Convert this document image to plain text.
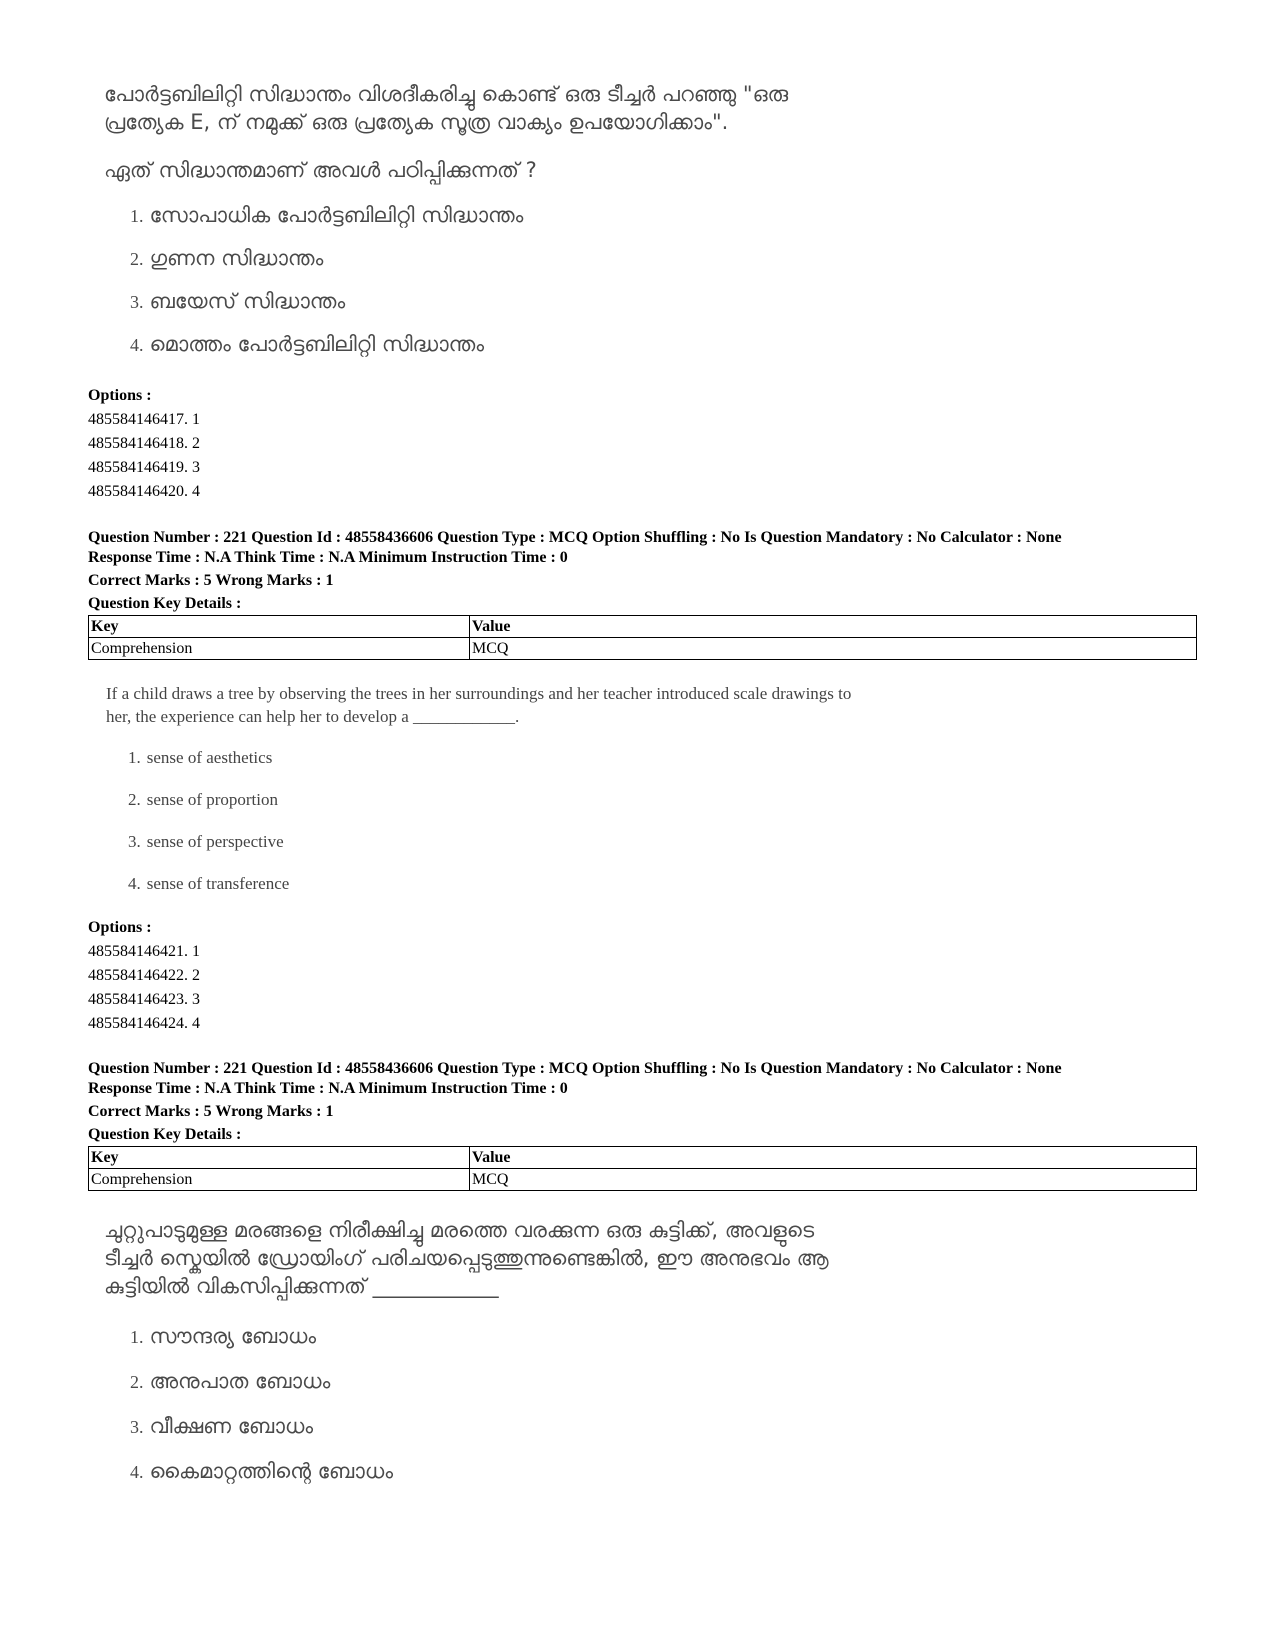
പോർട്ടബിലിറ്റി സിദ്ധാന്തം വിശദീകരിച്ചു കൊണ്ട് ഒരു ടീച്ചർ പറഞ്ഞു "ഒരു
പ്രത്യേക E, ന് നമുക്ക് ഒരു പ്രത്യേക സൂത്ര വാക്യം ഉപയോഗിക്കാം".
ഏത് സിദ്ധാന്തമാണ് അവൾ പഠിപ്പിക്കുന്നത് ?
1. സോപാധിക പോർട്ടബിലിറ്റി സിദ്ധാന്തം
2. ഗുണന സിദ്ധാന്തം
3. ബയേസ് സിദ്ധാന്തം
4. മൊത്തം പോർട്ടബിലിറ്റി സിദ്ധാന്തം
Options :
485584146417. 1
485584146418. 2
485584146419. 3
485584146420. 4
Question Number : 221 Question Id : 48558436606 Question Type : MCQ Option Shuffling : No Is Question Mandatory : No Calculator : None
Response Time : N.A Think Time : N.A Minimum Instruction Time : 0
Correct Marks : 5 Wrong Marks : 1
Question Key Details :
Key	Value
Comprehension	MCQ
If a child draws a tree by observing the trees in her surroundings and her teacher introduced scale drawings to
her, the experience can help her to develop a ____________.
1. sense of aesthetics
2. sense of proportion
3. sense of perspective
4. sense of transference
Options :
485584146421. 1
485584146422. 2
485584146423. 3
485584146424. 4
Question Number : 221 Question Id : 48558436606 Question Type : MCQ Option Shuffling : No Is Question Mandatory : No Calculator : None
Response Time : N.A Think Time : N.A Minimum Instruction Time : 0
Correct Marks : 5 Wrong Marks : 1
Question Key Details :
Key	Value
Comprehension	MCQ
ചുറ്റുപാടുമുള്ള മരങ്ങളെ നിരീക്ഷിച്ചു മരത്തെ വരക്കുന്ന ഒരു കുട്ടിക്ക്, അവളുടെ
ടീച്ചർ സ്കെയിൽ ഡ്രോയിംഗ് പരിചയപ്പെടുത്തുന്നുണ്ടെങ്കിൽ, ഈ അനുഭവം ആ
കുട്ടിയിൽ വികസിപ്പിക്കുന്നത് ____________
1. സൗന്ദര്യ ബോധം
2. അനുപാത ബോധം
3. വീക്ഷണ ബോധം
4. കൈമാറ്റത്തിന്റെ ബോധം
